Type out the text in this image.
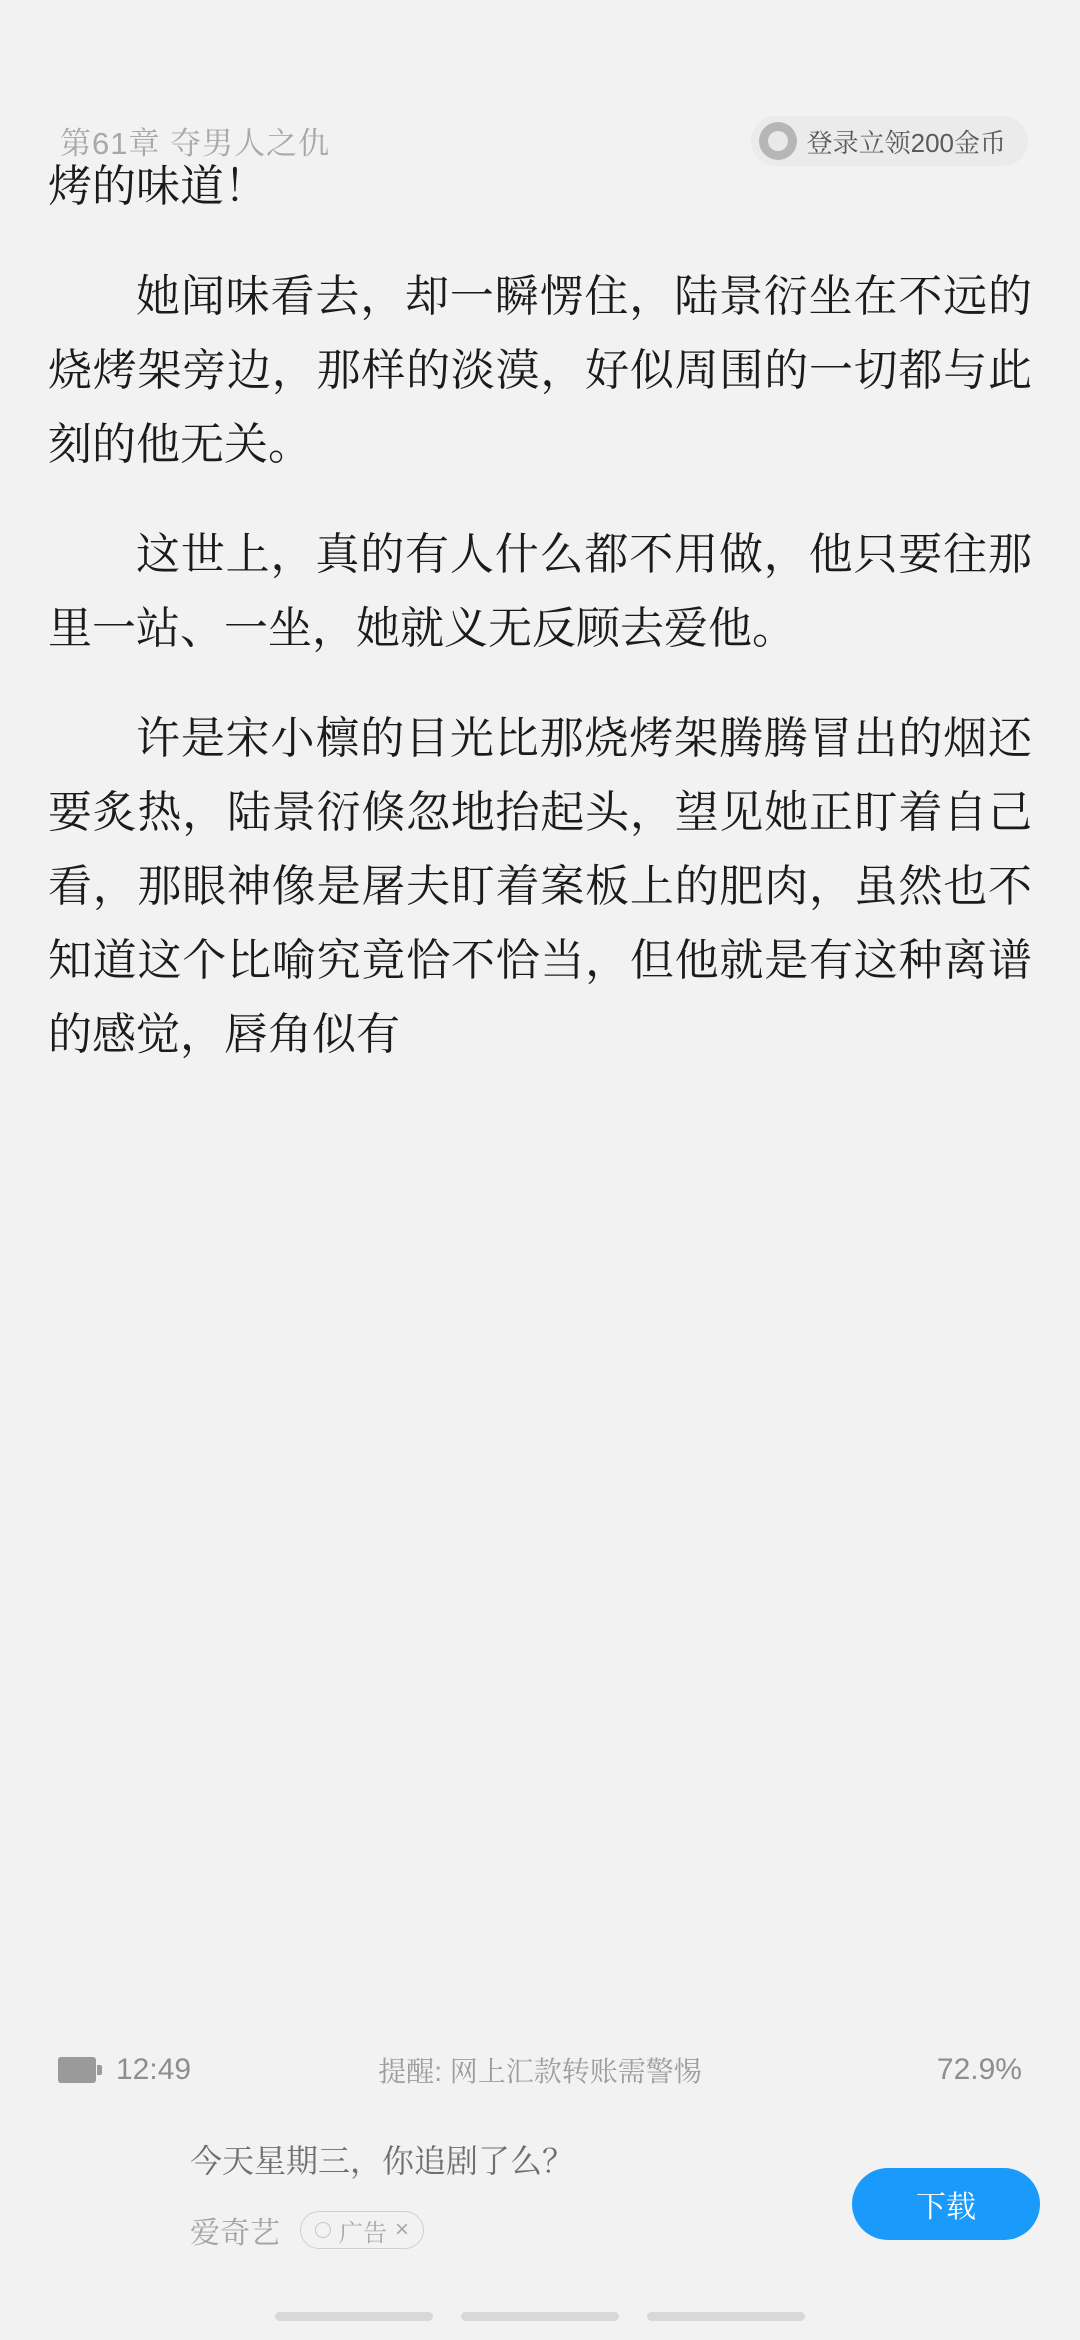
第61章 夺男人之仇	登录立领200金币

烤的味道！

她闻味看去，却一瞬愣住，陆景衍坐在不远的烧烤架旁边，那样的淡漠，好似周围的一切都与此刻的他无关。

这世上，真的有人什么都不用做，他只要往那里一站、一坐，她就义无反顾去爱他。

许是宋小檩的目光比那烧烤架腾腾冒出的烟还要炙热，陆景衍倏忽地抬起头，望见她正盯着自己看，那眼神像是屠夫盯着案板上的肥肉，虽然也不知道这个比喻究竟恰不恰当，但他就是有这种离谱的感觉，唇角似有

12:49	提醒: 网上汇款转账需警惕	72.9%
今天星期三，你追剧了么？
爱奇艺 广告 ×
下载
